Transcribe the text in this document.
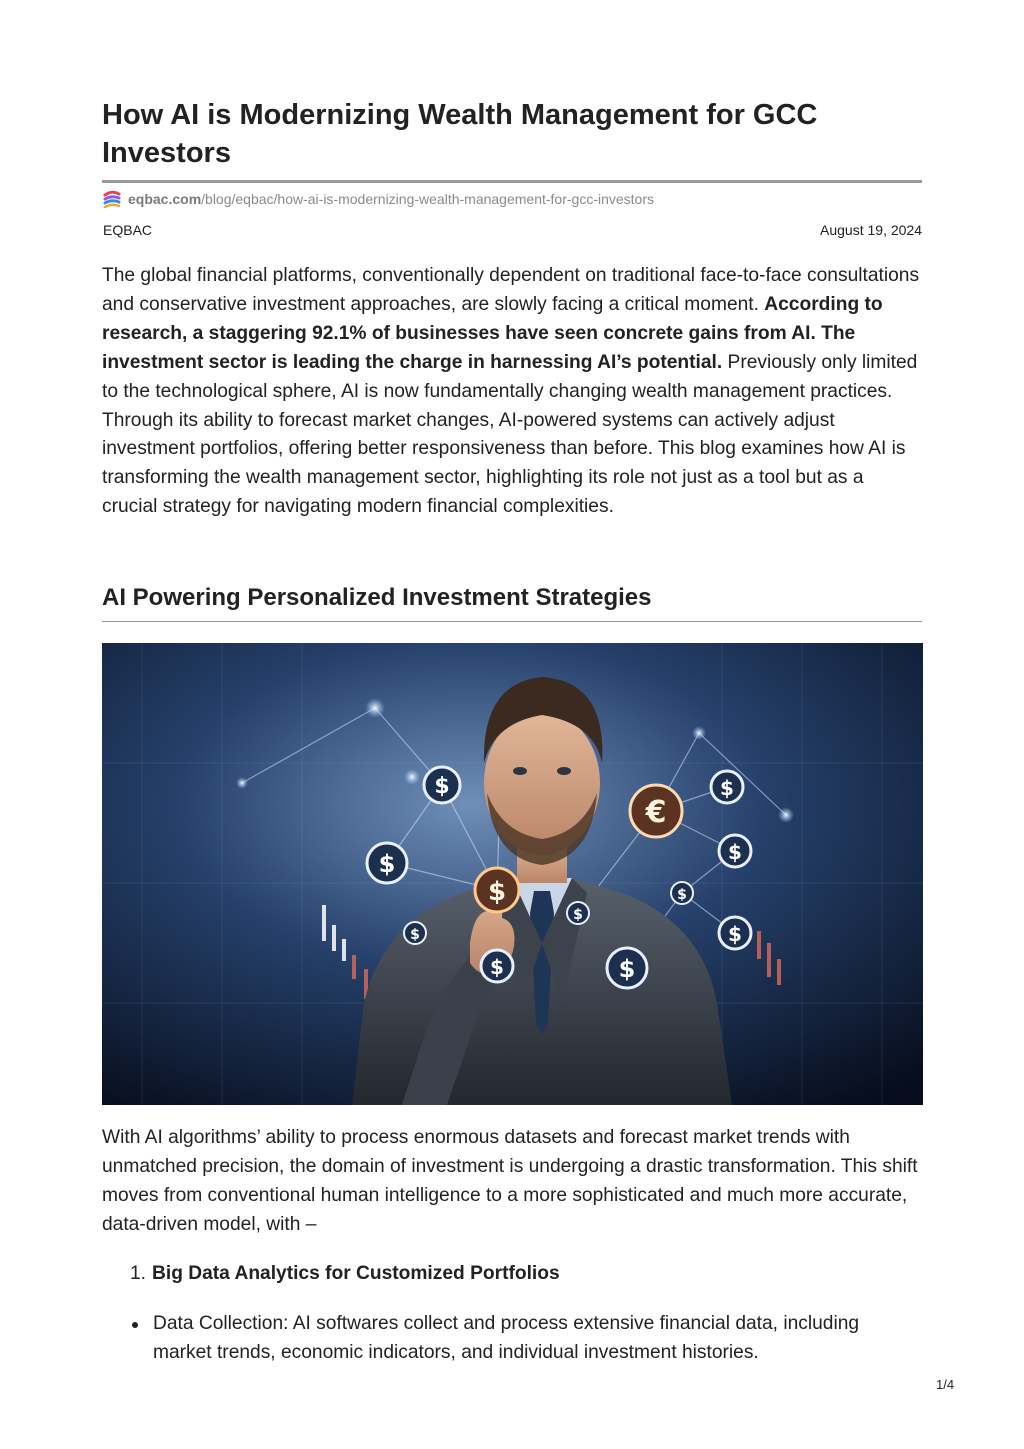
How AI is Modernizing Wealth Management for GCC Investors
eqbac.com /blog/eqbac/how-ai-is-modernizing-wealth-management-for-gcc-investors
EQBAC	August 19, 2024

The global financial platforms, conventionally dependent on traditional face-to-face consultations and conservative investment approaches, are slowly facing a critical moment. According to research, a staggering 92.1% of businesses have seen concrete gains from AI. The investment sector is leading the charge in harnessing AI’s potential. Previously only limited to the technological sphere, AI is now fundamentally changing wealth management practices. Through its ability to forecast market changes, AI-powered systems can actively adjust investment portfolios, offering better responsiveness than before. This blog examines how AI is transforming the wealth management sector, highlighting its role not just as a tool but as a crucial strategy for navigating modern financial complexities.

AI Powering Personalized Investment Strategies
$
$
$
$
$
$
$
€
$
$
$
$

With AI algorithms’ ability to process enormous datasets and forecast market trends with unmatched precision, the domain of investment is undergoing a drastic transformation. This shift moves from conventional human intelligence to a more sophisticated and much more accurate, data-driven model, with –

1. Big Data Analytics for Customized Portfolios

Data Collection: AI softwares collect and process extensive financial data, including market trends, economic indicators, and individual investment histories.

1/4
